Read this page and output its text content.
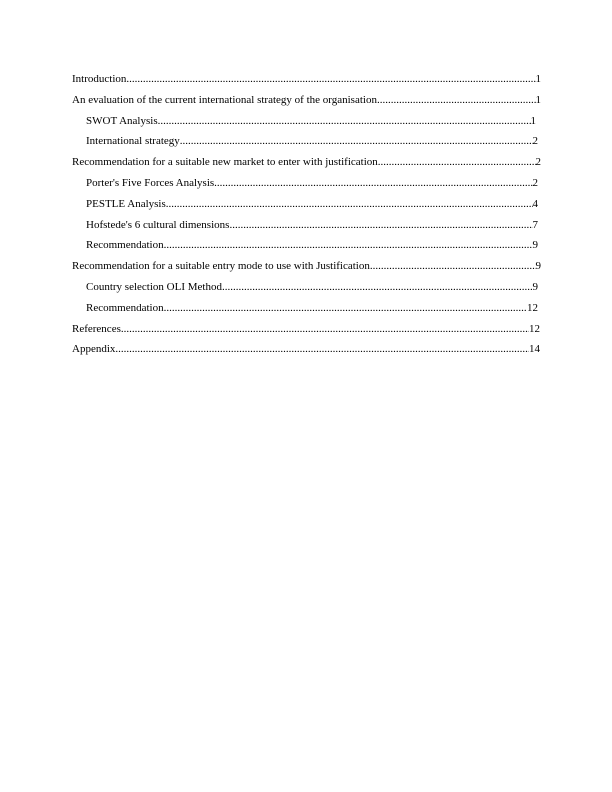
Introduction .....	1
An evaluation of the current international strategy of the organisation .....	1
SWOT Analysis .....	1
International strategy .....	2
Recommendation for a suitable new market to enter with justification .....	2
Porter's Five Forces Analysis .....	2
PESTLE Analysis .....	4
Hofstede's 6 cultural dimensions .....	7
Recommendation .....	9
Recommendation for a suitable entry mode to use with Justification .....	9
Country selection OLI Method .....	9
Recommendation .....	12
References .....	12
Appendix .....	14
